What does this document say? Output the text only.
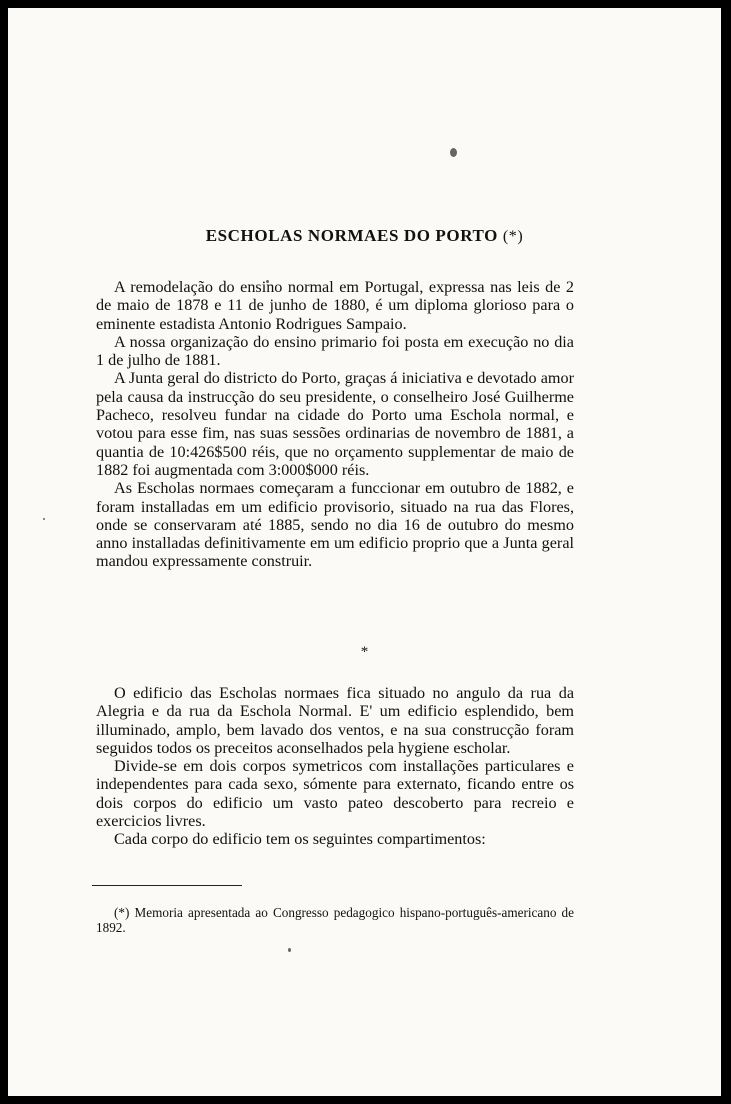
ESCHOLAS NORMAES DO PORTO (*)

A remodelação do ensino normal em Portugal, expressa nas leis de 2 de maio de 1878 e 11 de junho de 1880, é um diploma glorioso para o eminente estadista Antonio Rodrigues Sampaio.

A nossa organização do ensino primario foi posta em execução no dia 1 de julho de 1881.

A Junta geral do districto do Porto, graças á iniciativa e devotado amor pela causa da instrucção do seu presidente, o conselheiro José Guilherme Pacheco, resolveu fundar na cidade do Porto uma Eschola normal, e votou para esse fim, nas suas sessões ordinarias de novembro de 1881, a quantia de 10:426$500 réis, que no orçamento supplementar de maio de 1882 foi augmentada com 3:000$000 réis.

As Escholas normaes começaram a funccionar em outubro de 1882, e foram installadas em um edificio provisorio, situado na rua das Flores, onde se conservaram até 1885, sendo no dia 16 de outubro do mesmo anno installadas definitivamente em um edificio proprio que a Junta geral mandou expressamente construir.

*

O edificio das Escholas normaes fica situado no angulo da rua da Alegria e da rua da Eschola Normal. E' um edificio esplendido, bem illuminado, amplo, bem lavado dos ventos, e na sua construcção foram seguidos todos os preceitos aconselhados pela hygiene escholar.

Divide-se em dois corpos symetricos com installações particulares e independentes para cada sexo, sómente para externato, ficando entre os dois corpos do edificio um vasto pateo descoberto para recreio e exercicios livres.

Cada corpo do edificio tem os seguintes compartimentos:

(*) Memoria apresentada ao Congresso pedagogico hispano-português-americano de 1892.
